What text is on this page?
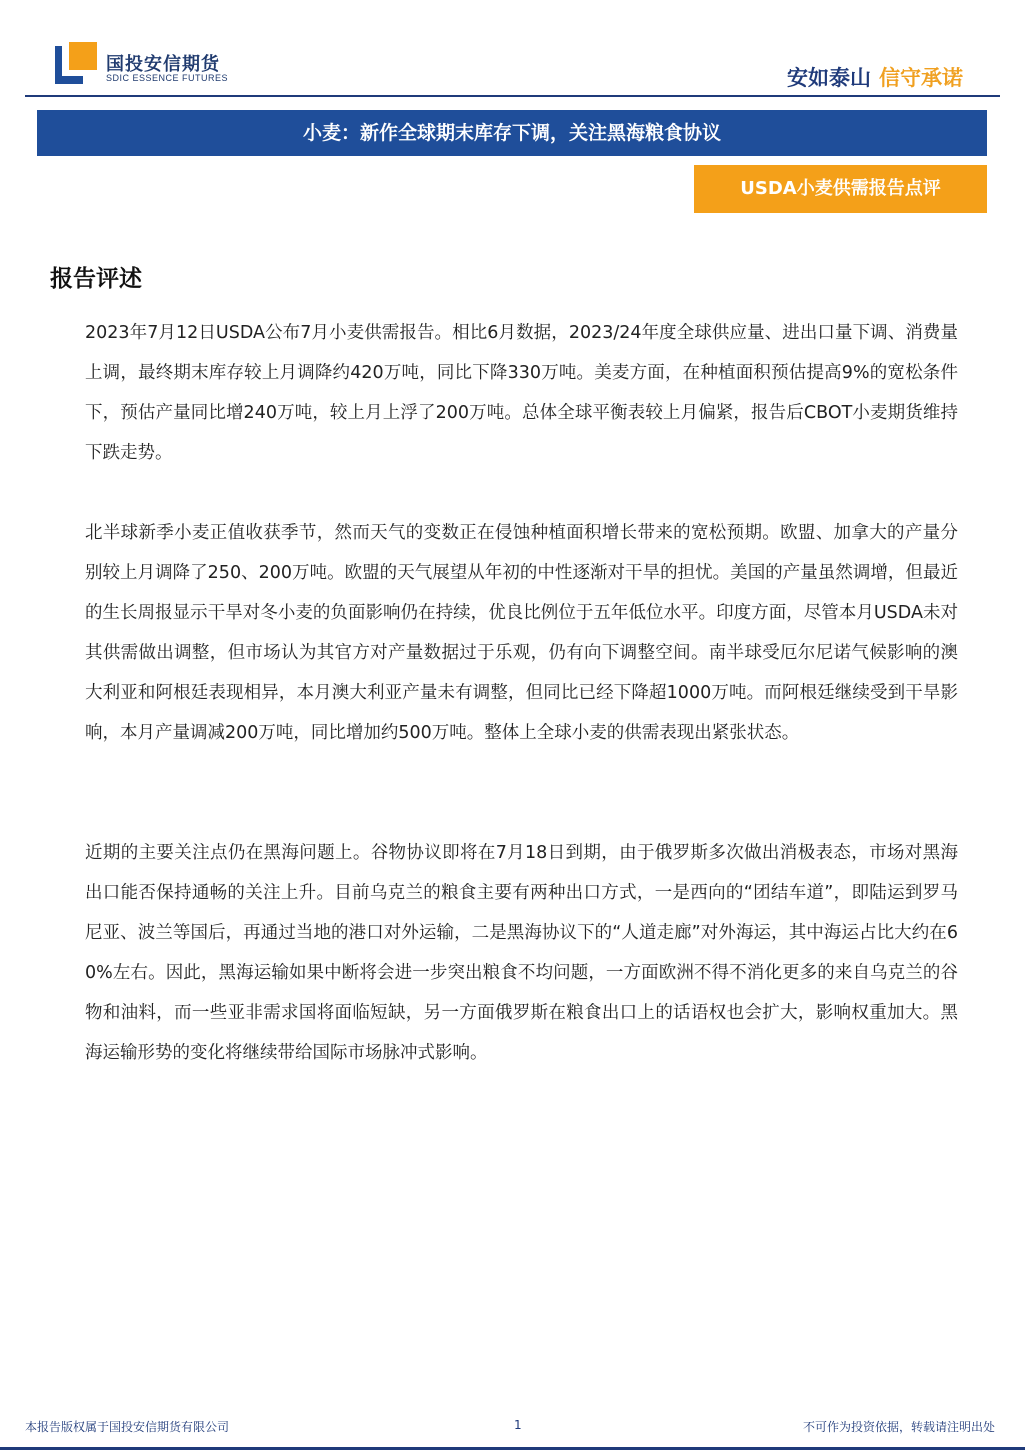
国投安信期货
SDIC ESSENCE FUTURES	安如泰山 信守承诺
小麦：新作全球期末库存下调，关注黑海粮食协议
USDA小麦供需报告点评
报告评述

2023年7月12日USDA公布7月小麦供需报告。相比6月数据，2023/24年度全球供应量、进出口量下调、消费量上调，最终期末库存较上月调降约420万吨，同比下降330万吨。美麦方面，在种植面积预估提高9%的宽松条件下，预估产量同比增240万吨，较上月上浮了200万吨。总体全球平衡表较上月偏紧，报告后CBOT小麦期货维持下跌走势。

北半球新季小麦正值收获季节，然而天气的变数正在侵蚀种植面积增长带来的宽松预期。欧盟、加拿大的产量分别较上月调降了250、200万吨。欧盟的天气展望从年初的中性逐渐对干旱的担忧。美国的产量虽然调增，但最近的生长周报显示干旱对冬小麦的负面影响仍在持续，优良比例位于五年低位水平。印度方面，尽管本月USDA未对其供需做出调整，但市场认为其官方对产量数据过于乐观，仍有向下调整空间。南半球受厄尔尼诺气候影响的澳大利亚和阿根廷表现相异，本月澳大利亚产量未有调整，但同比已经下降超1000万吨。而阿根廷继续受到干旱影响，本月产量调减200万吨，同比增加约500万吨。整体上全球小麦的供需表现出紧张状态。

近期的主要关注点仍在黑海问题上。谷物协议即将在7月18日到期，由于俄罗斯多次做出消极表态，市场对黑海出口能否保持通畅的关注上升。目前乌克兰的粮食主要有两种出口方式，一是西向的“团结车道”，即陆运到罗马尼亚、波兰等国后，再通过当地的港口对外运输，二是黑海协议下的“人道走廊”对外海运，其中海运占比大约在60%左右。因此，黑海运输如果中断将会进一步突出粮食不均问题，一方面欧洲不得不消化更多的来自乌克兰的谷物和油料，而一些亚非需求国将面临短缺，另一方面俄罗斯在粮食出口上的话语权也会扩大，影响权重加大。黑海运输形势的变化将继续带给国际市场脉冲式影响。

本报告版权属于国投安信期货有限公司	1	不可作为投资依据，转载请注明出处
